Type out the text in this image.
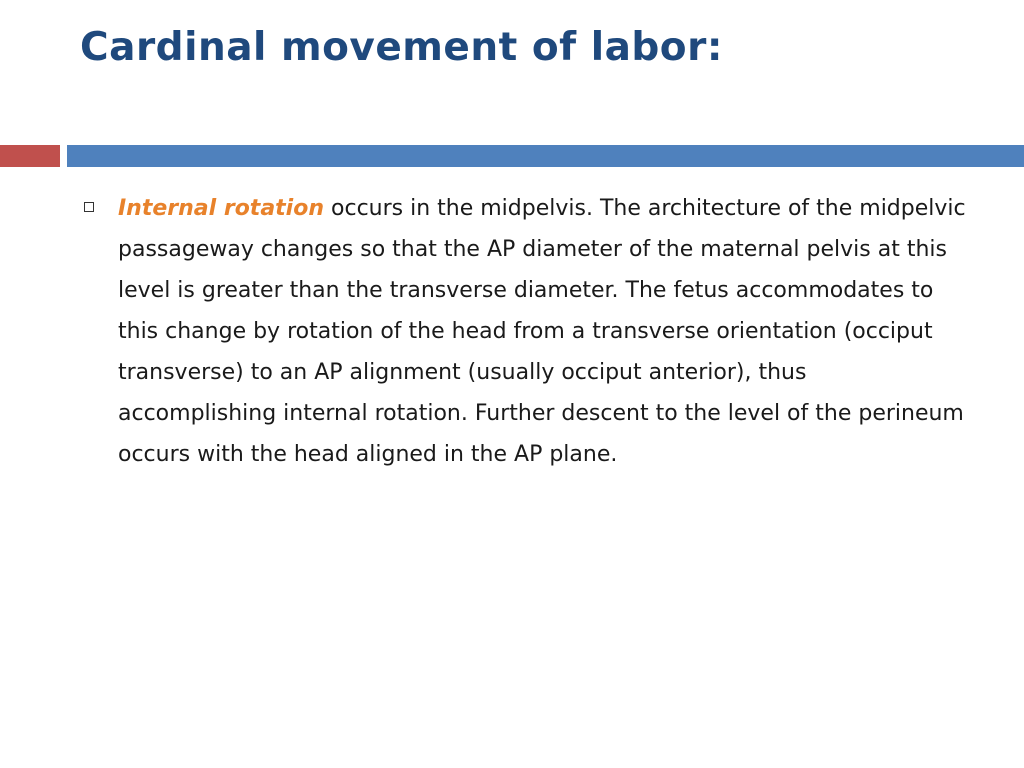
Cardinal movement of labor:
Internal rotation occurs in the midpelvis. The architecture of the midpelvic passageway changes so that the AP diameter of the maternal pelvis at this level is greater than the transverse diameter. The fetus accommodates to this change by rotation of the head from a transverse orientation (occiput transverse) to an AP alignment (usually occiput anterior), thus accomplishing internal rotation. Further descent to the level of the perineum occurs with the head aligned in the AP plane.
